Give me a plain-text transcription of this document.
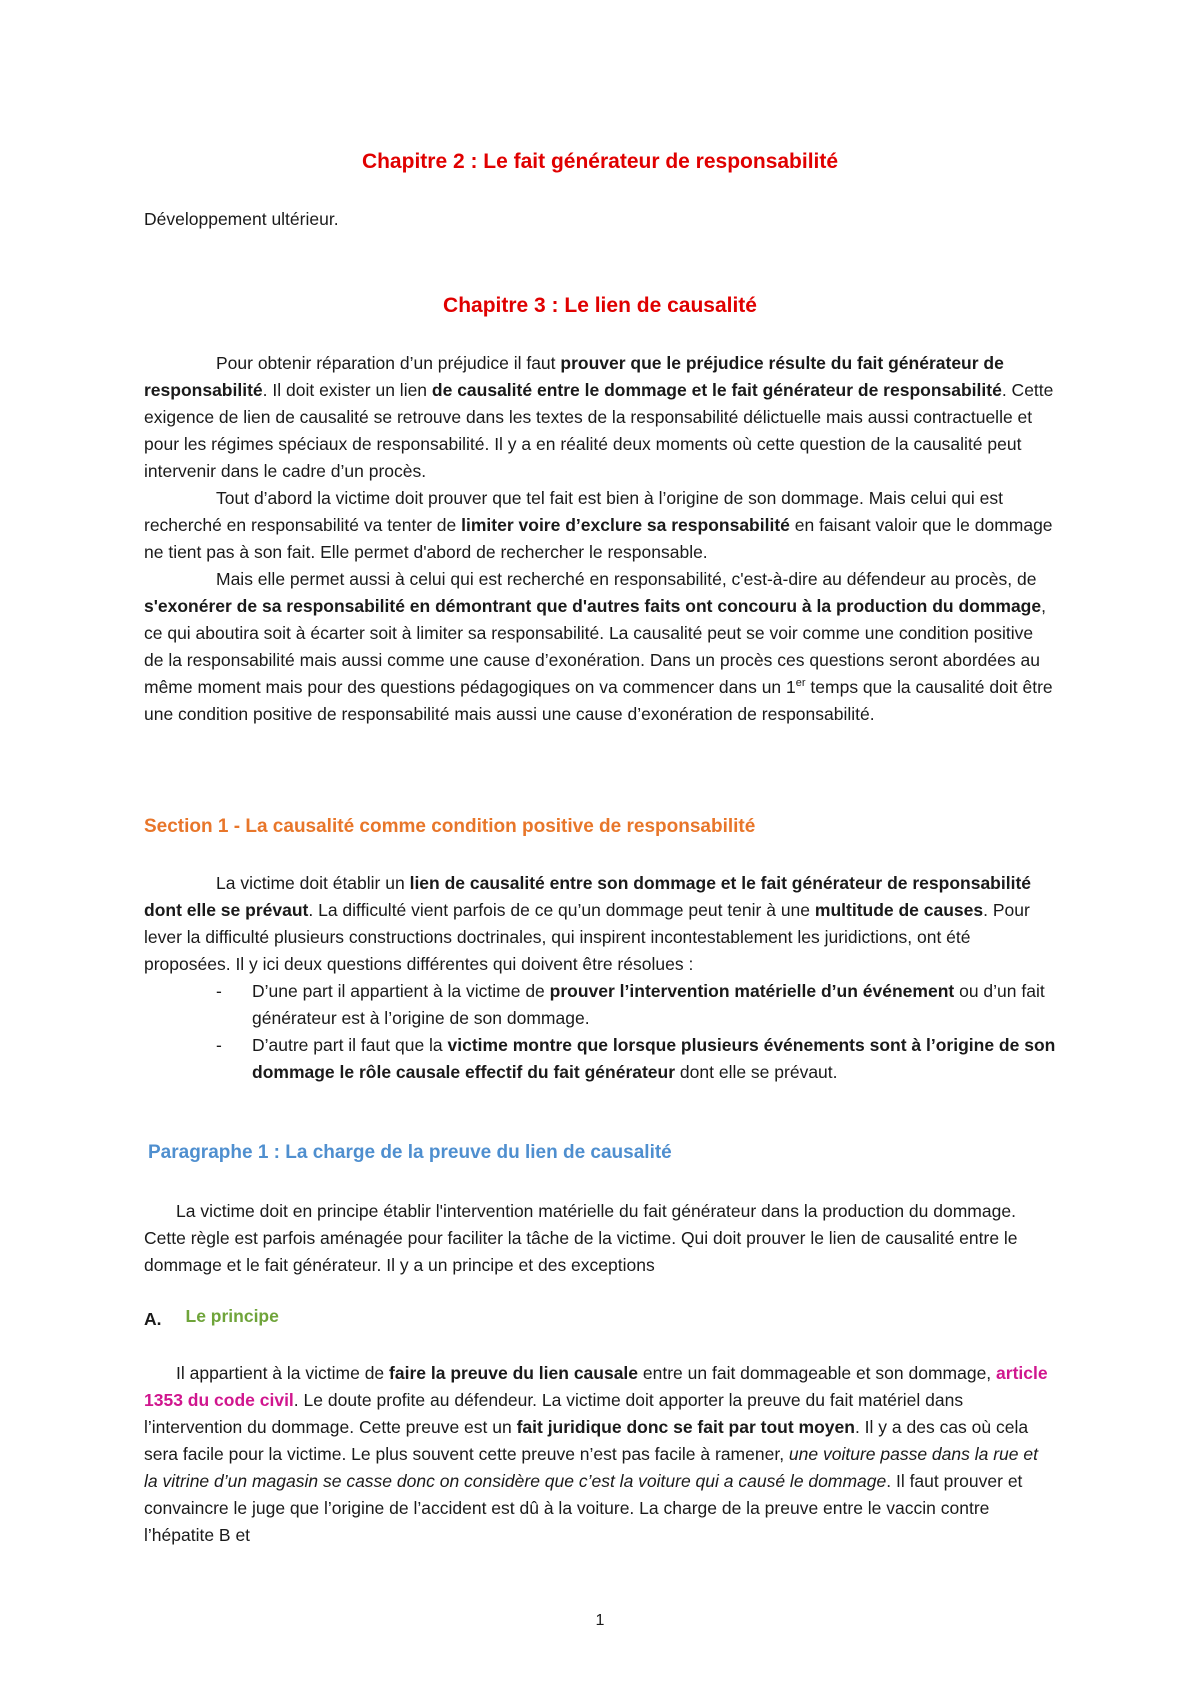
Chapitre 2 : Le fait générateur de responsabilité

Développement ultérieur.

Chapitre 3 : Le lien de causalité

Pour obtenir réparation d’un préjudice il faut prouver que le préjudice résulte du fait générateur de responsabilité. Il doit exister un lien de causalité entre le dommage et le fait générateur de responsabilité. Cette exigence de lien de causalité se retrouve dans les textes de la responsabilité délictuelle mais aussi contractuelle et pour les régimes spéciaux de responsabilité. Il y a en réalité deux moments où cette question de la causalité peut intervenir dans le cadre d’un procès.

Tout d’abord la victime doit prouver que tel fait est bien à l’origine de son dommage. Mais celui qui est recherché en responsabilité va tenter de limiter voire d’exclure sa responsabilité en faisant valoir que le dommage ne tient pas à son fait. Elle permet d'abord de rechercher le responsable.

Mais elle permet aussi à celui qui est recherché en responsabilité, c'est-à-dire au défendeur au procès, de s'exonérer de sa responsabilité en démontrant que d'autres faits ont concouru à la production du dommage, ce qui aboutira soit à écarter soit à limiter sa responsabilité. La causalité peut se voir comme une condition positive de la responsabilité mais aussi comme une cause d’exonération. Dans un procès ces questions seront abordées au même moment mais pour des questions pédagogiques on va commencer dans un 1er temps que la causalité doit être une condition positive de responsabilité mais aussi une cause d’exonération de responsabilité.

Section 1 - La causalité comme condition positive de responsabilité

La victime doit établir un lien de causalité entre son dommage et le fait générateur de responsabilité dont elle se prévaut. La difficulté vient parfois de ce qu’un dommage peut tenir à une multitude de causes. Pour lever la difficulté plusieurs constructions doctrinales, qui inspirent incontestablement les juridictions, ont été proposées. Il y ici deux questions différentes qui doivent être résolues :

- D’une part il appartient à la victime de prouver l’intervention matérielle d’un événement ou d’un fait générateur est à l’origine de son dommage.
- D’autre part il faut que la victime montre que lorsque plusieurs événements sont à l’origine de son dommage le rôle causale effectif du fait générateur dont elle se prévaut.
Paragraphe 1 : La charge de la preuve du lien de causalité

La victime doit en principe établir l'intervention matérielle du fait générateur dans la production du dommage. Cette règle est parfois aménagée pour faciliter la tâche de la victime. Qui doit prouver le lien de causalité entre le dommage et le fait générateur. Il y a un principe et des exceptions

A. Le principe

Il appartient à la victime de faire la preuve du lien causale entre un fait dommageable et son dommage, article 1353 du code civil. Le doute profite au défendeur. La victime doit apporter la preuve du fait matériel dans l’intervention du dommage. Cette preuve est un fait juridique donc se fait par tout moyen. Il y a des cas où cela sera facile pour la victime. Le plus souvent cette preuve n’est pas facile à ramener, une voiture passe dans la rue et la vitrine d’un magasin se casse donc on considère que c’est la voiture qui a causé le dommage. Il faut prouver et convaincre le juge que l’origine de l’accident est dû à la voiture. La charge de la preuve entre le vaccin contre l’hépatite B et

1
